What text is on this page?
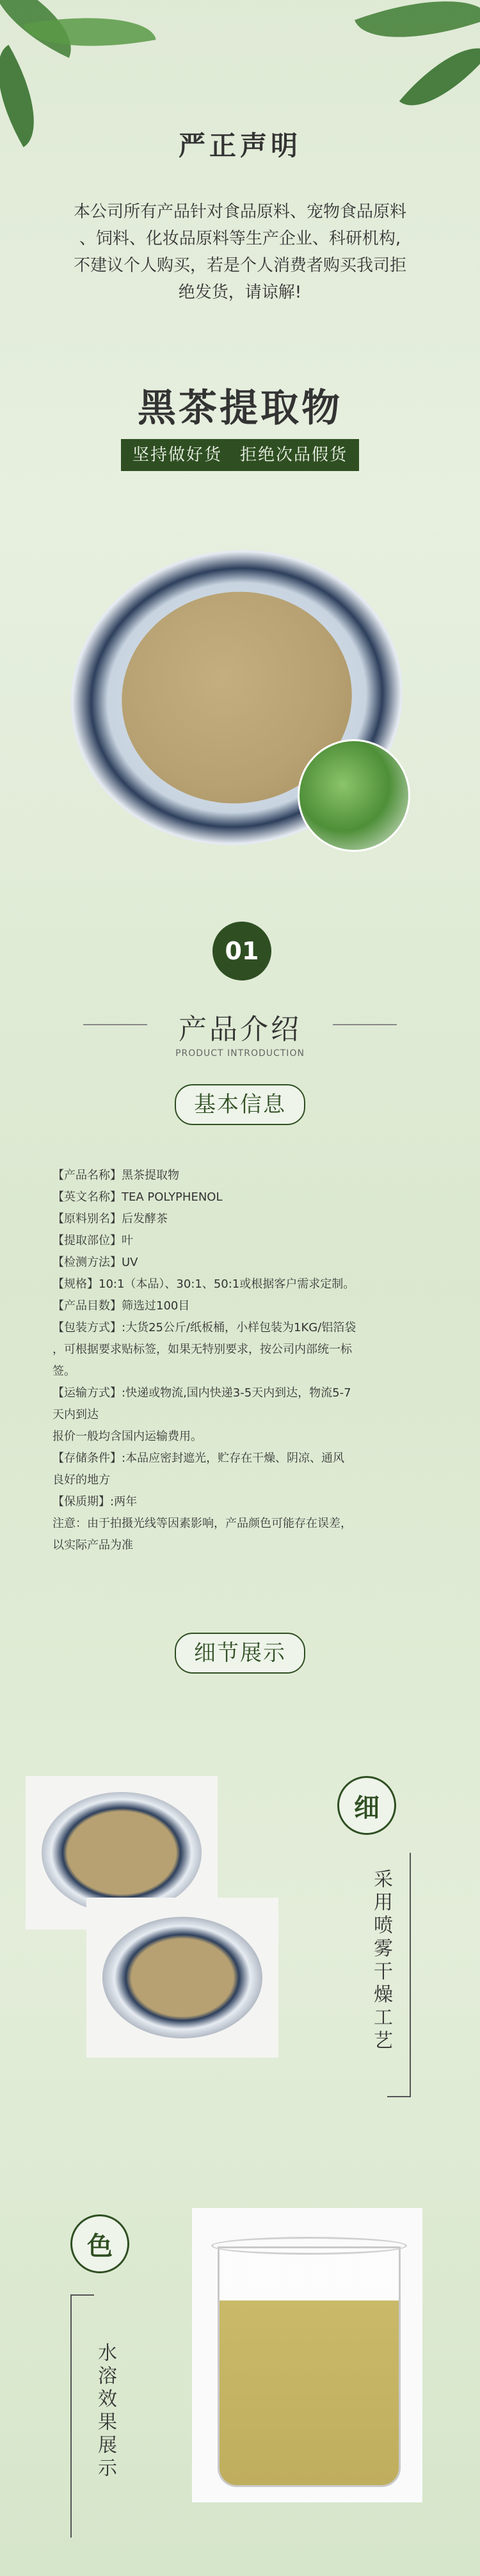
严正声明
本公司所有产品针对食品原料、宠物食品原料
、饲料、化妆品原料等生产企业、科研机构,
不建议个人购买，若是个人消费者购买我司拒
绝发货，请谅解!
黑茶提取物
坚持做好货　拒绝次品假货
01
产品介绍
PRODUCT INTRODUCTION
基本信息
【产品名称】黑茶提取物
【英文名称】TEA POLYPHENOL
【原料别名】后发酵茶
【提取部位】叶
【检测方法】UV
【规格】10:1（本品）、30:1、50:1或根据客户需求定制。
【产品目数】筛选过100目
【包装方式】:大货25公斤/纸板桶，小样包装为1KG/铝箔袋
，可根据要求贴标签，如果无特别要求，按公司内部统一标
签。
【运输方式】:快递或物流,国内快递3-5天内到达，物流5-7
天内到达
报价一般均含国内运输费用。
【存储条件】:本品应密封遮光，贮存在干燥、阴凉、通风
良好的地方
【保质期】:两年
注意：由于拍摄光线等因素影响，产品颜色可能存在误差，
以实际产品为准
细节展示
细
采用喷雾干燥工艺
色
水溶效果展示
